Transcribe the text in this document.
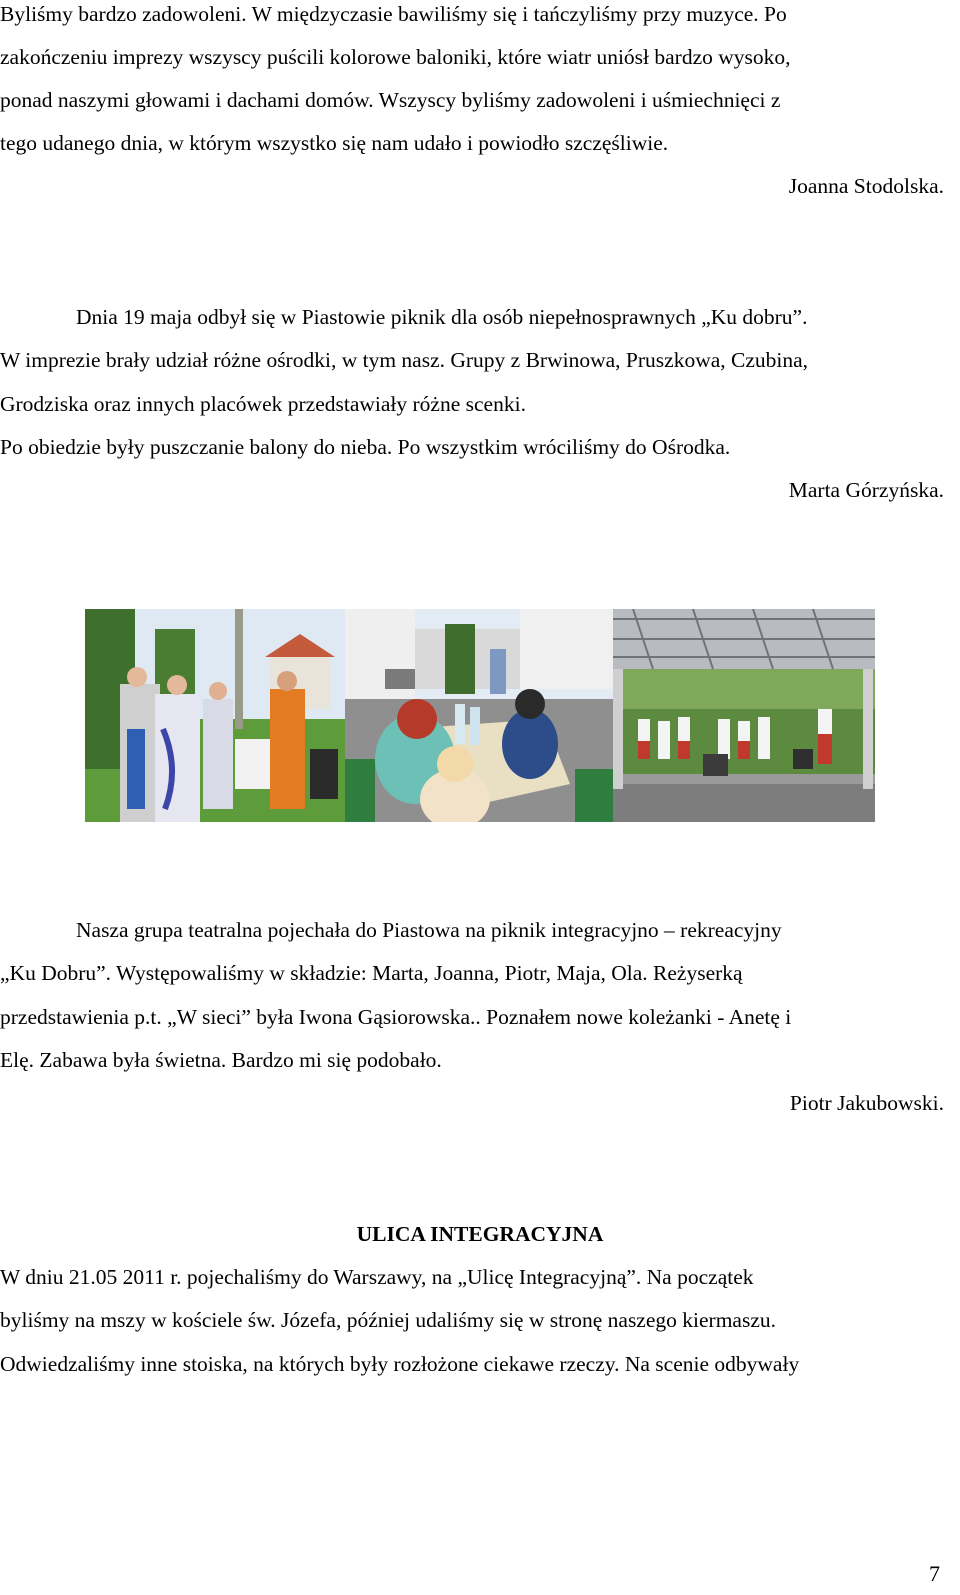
Byliśmy bardzo zadowoleni. W międzyczasie bawiliśmy się i tańczyliśmy przy muzyce. Po
zakończeniu imprezy wszyscy puścili kolorowe baloniki, które wiatr uniósł bardzo wysoko,
ponad naszymi głowami i dachami domów. Wszyscy byliśmy zadowoleni i uśmiechnięci z
tego udanego dnia, w którym wszystko się nam udało i powiodło szczęśliwie.
Joanna Stodolska.
Dnia 19 maja odbył się w Piastowie piknik dla osób niepełnosprawnych „Ku dobru”.
W imprezie brały udział różne ośrodki, w tym nasz. Grupy z Brwinowa, Pruszkowa, Czubina,
Grodziska oraz innych placówek przedstawiały różne scenki.
Po obiedzie były puszczanie balony do nieba. Po wszystkim wróciliśmy do Ośrodka.
Marta Górzyńska.
Nasza grupa teatralna pojechała do Piastowa na piknik integracyjno – rekreacyjny
„Ku Dobru”. Występowaliśmy w składzie: Marta, Joanna, Piotr, Maja, Ola. Reżyserką
przedstawienia p.t. „W sieci” była Iwona Gąsiorowska.. Poznałem nowe koleżanki - Anetę i
Elę. Zabawa była świetna. Bardzo mi się podobało.
Piotr Jakubowski.
ULICA INTEGRACYJNA
W dniu 21.05 2011 r. pojechaliśmy do Warszawy, na „Ulicę Integracyjną”. Na początek
byliśmy na mszy w kościele św. Józefa, później udaliśmy się w stronę naszego kiermaszu.
Odwiedzaliśmy inne stoiska, na których były rozłożone ciekawe rzeczy. Na scenie odbywały
7
